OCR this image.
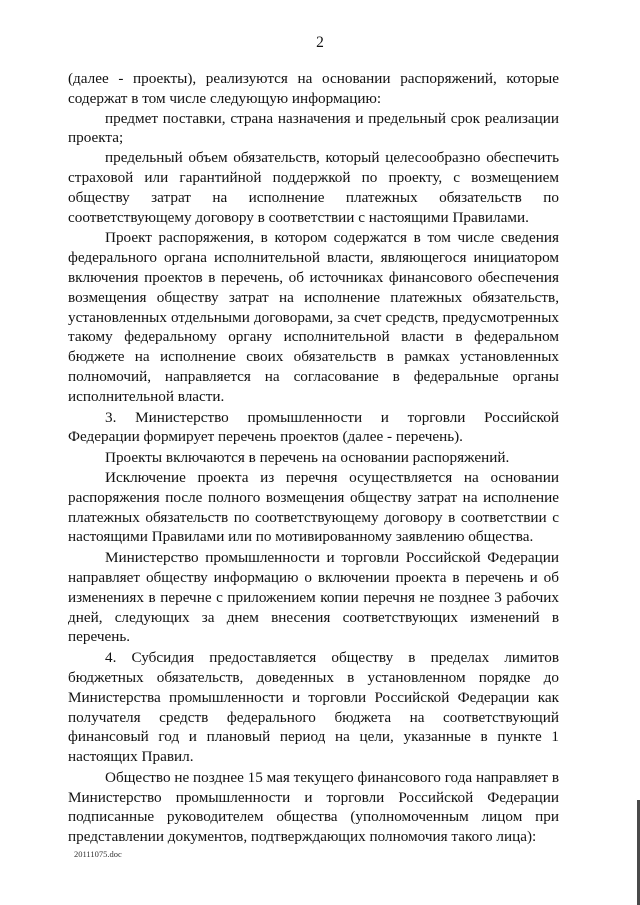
2

(далее - проекты), реализуются на основании распоряжений, которые содержат в том числе следующую информацию:

предмет поставки, страна назначения и предельный срок реализации проекта;

предельный объем обязательств, который целесообразно обеспечить страховой или гарантийной поддержкой по проекту, с возмещением обществу затрат на исполнение платежных обязательств по соответствующему договору в соответствии с настоящими Правилами.

Проект распоряжения, в котором содержатся в том числе сведения федерального органа исполнительной власти, являющегося инициатором включения проектов в перечень, об источниках финансового обеспечения возмещения обществу затрат на исполнение платежных обязательств, установленных отдельными договорами, за счет средств, предусмотренных такому федеральному органу исполнительной власти в федеральном бюджете на исполнение своих обязательств в рамках установленных полномочий, направляется на согласование в федеральные органы исполнительной власти.

3. Министерство промышленности и торговли Российской Федерации формирует перечень проектов (далее - перечень).

Проекты включаются в перечень на основании распоряжений.

Исключение проекта из перечня осуществляется на основании распоряжения после полного возмещения обществу затрат на исполнение платежных обязательств по соответствующему договору в соответствии с настоящими Правилами или по мотивированному заявлению общества.

Министерство промышленности и торговли Российской Федерации направляет обществу информацию о включении проекта в перечень и об изменениях в перечне с приложением копии перечня не позднее 3 рабочих дней, следующих за днем внесения соответствующих изменений в перечень.

4. Субсидия предоставляется обществу в пределах лимитов бюджетных обязательств, доведенных в установленном порядке до Министерства промышленности и торговли Российской Федерации как получателя средств федерального бюджета на соответствующий финансовый год и плановый период на цели, указанные в пункте 1 настоящих Правил.

Общество не позднее 15 мая текущего финансового года направляет в Министерство промышленности и торговли Российской Федерации подписанные руководителем общества (уполномоченным лицом при представлении документов, подтверждающих полномочия такого лица):

20111075.doc
